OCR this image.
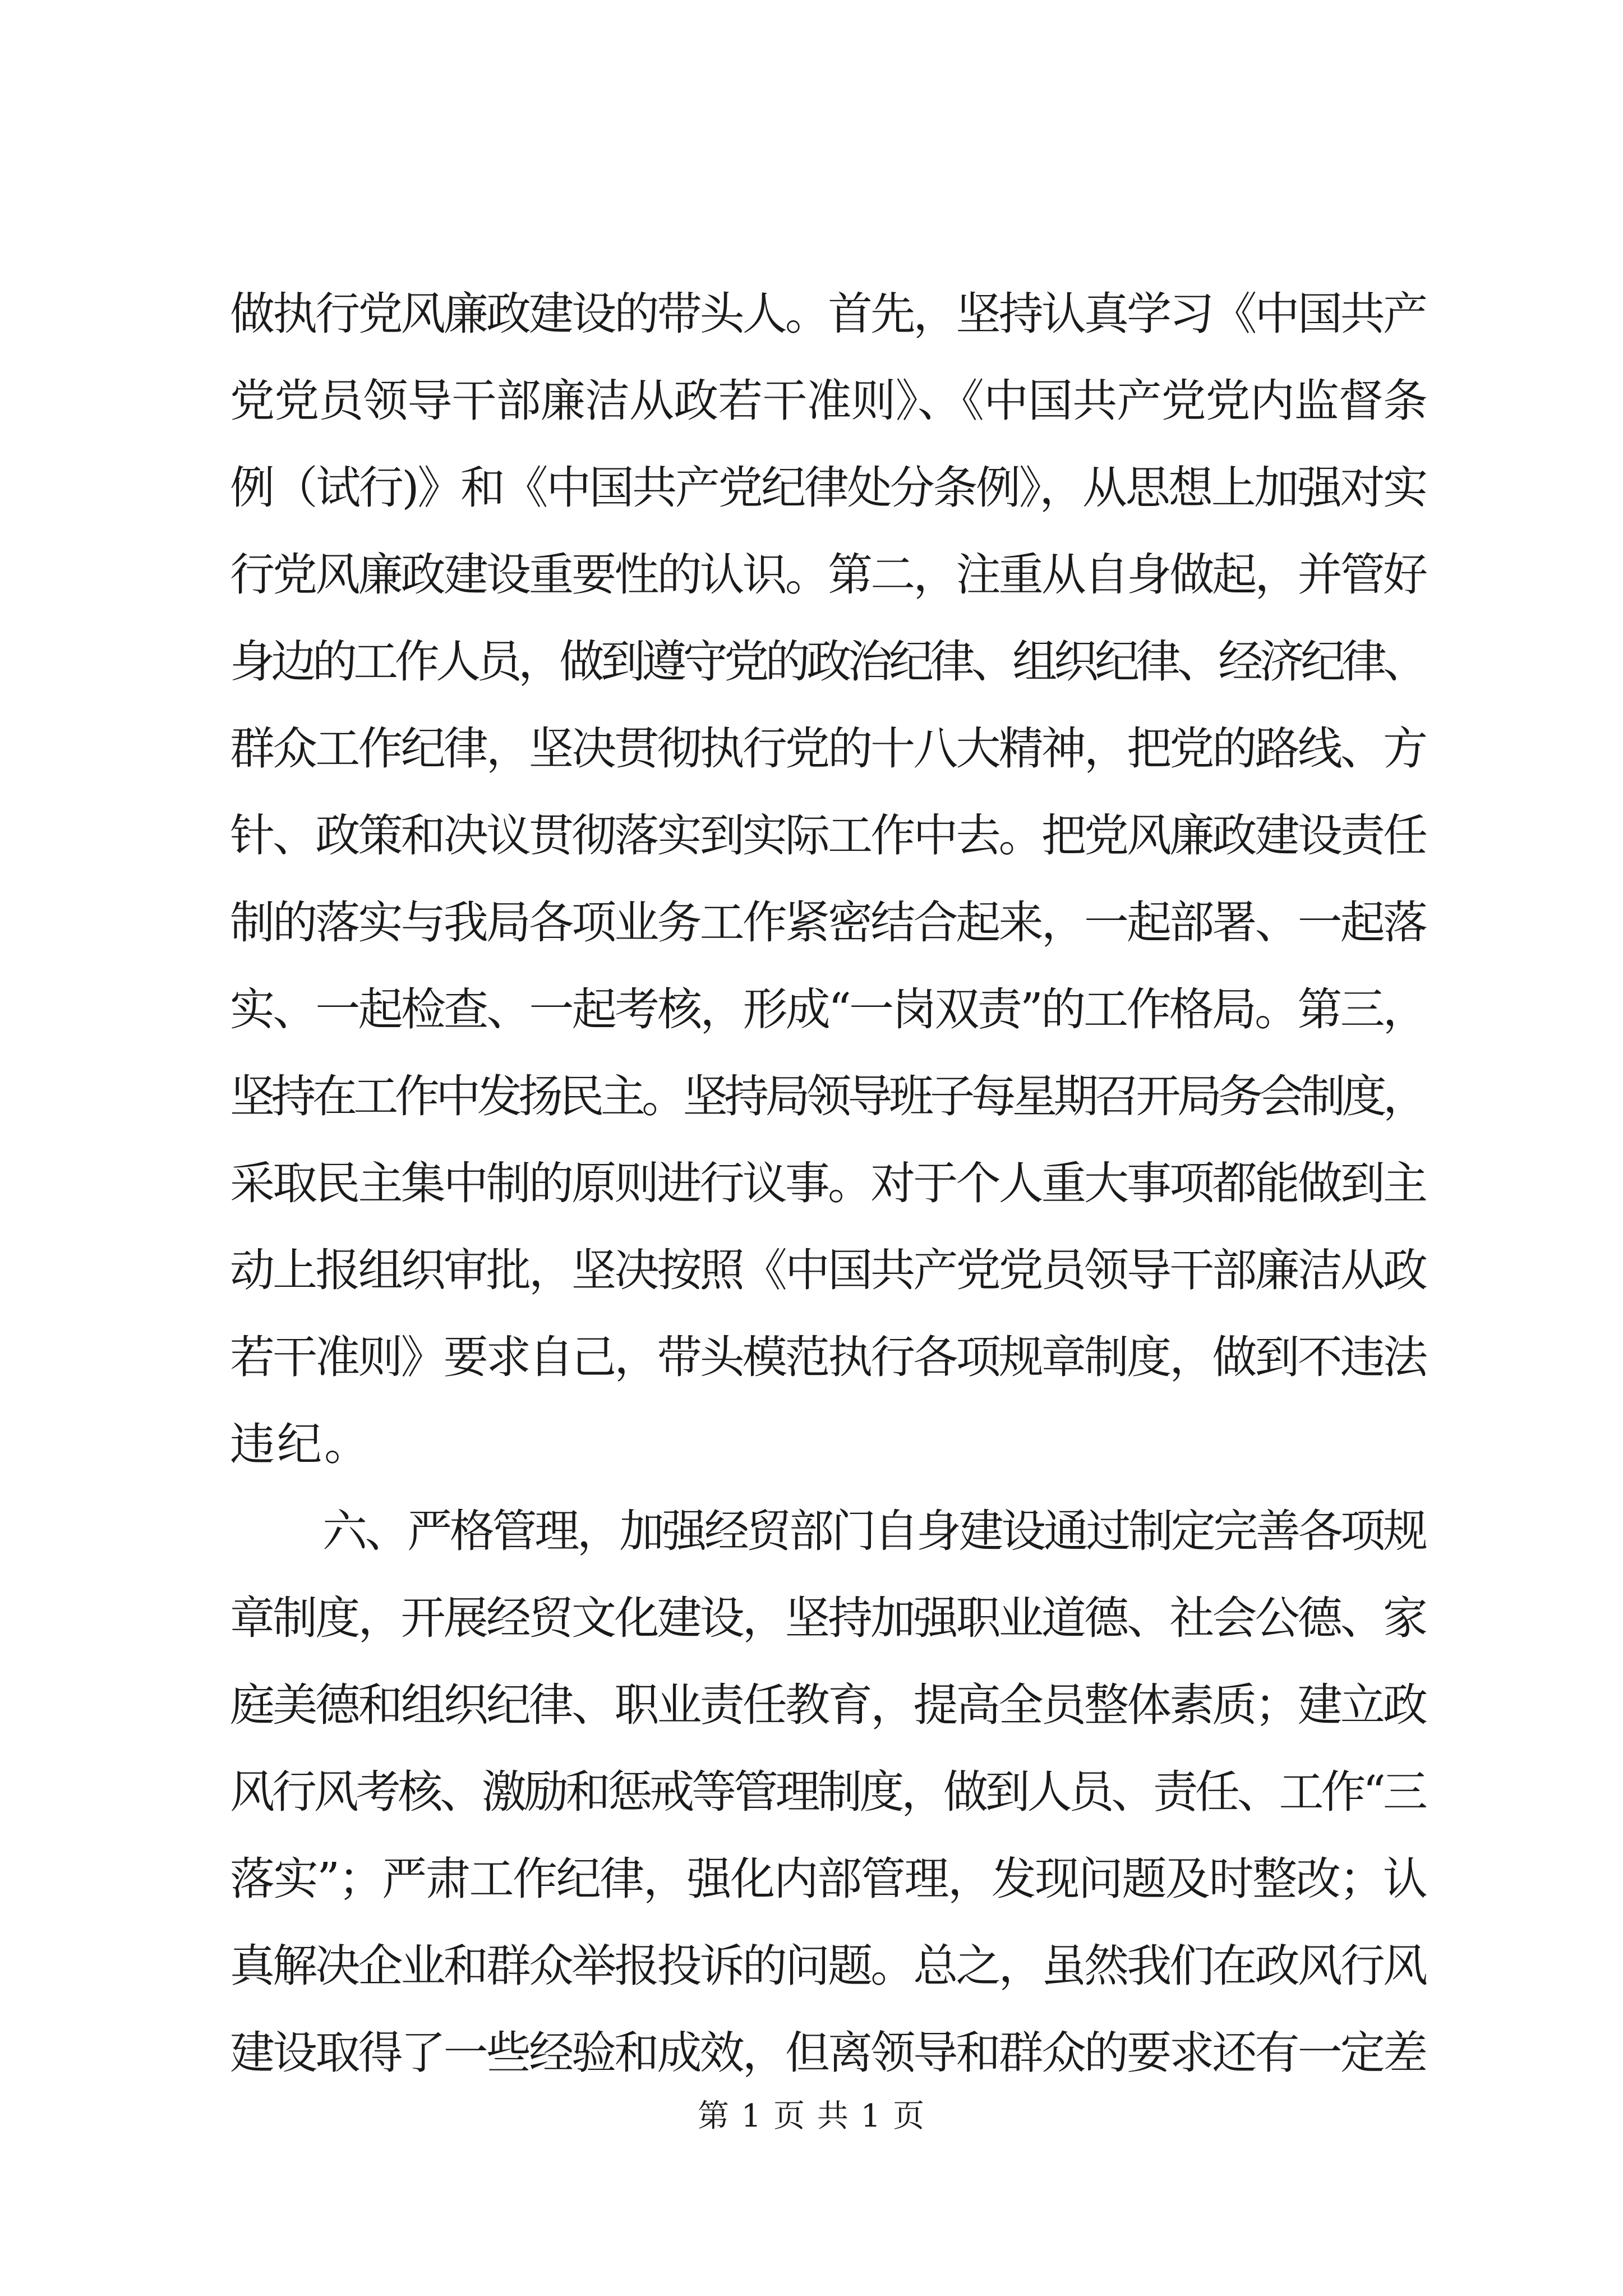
做执行党风廉政建设的带头人。首先，坚持认真学习《中国共产
党党员领导干部廉洁从政若干准则》、《中国共产党党内监督条
例（试行)》和《中国共产党纪律处分条例》，从思想上加强对实
行党风廉政建设重要性的认识。第二，注重从自身做起，并管好
身边的工作人员，做到遵守党的政治纪律、组织纪律、经济纪律、
群众工作纪律，坚决贯彻执行党的十八大精神，把党的路线、方
针、政策和决议贯彻落实到实际工作中去。把党风廉政建设责任
制的落实与我局各项业务工作紧密结合起来，一起部署、一起落
实、一起检查、一起考核，形成“一岗双责”的工作格局。第三，
坚持在工作中发扬民主。坚持局领导班子每星期召开局务会制度，
采取民主集中制的原则进行议事。对于个人重大事项都能做到主
动上报组织审批，坚决按照《中国共产党党员领导干部廉洁从政
若干准则》要求自己，带头模范执行各项规章制度，做到不违法
违纪。
六、严格管理，加强经贸部门自身建设通过制定完善各项规
章制度，开展经贸文化建设，坚持加强职业道德、社会公德、家
庭美德和组织纪律、职业责任教育，提高全员整体素质；建立政
风行风考核、激励和惩戒等管理制度，做到人员、责任、工作“三
落实”；严肃工作纪律，强化内部管理，发现问题及时整改；认
真解决企业和群众举报投诉的问题。总之，虽然我们在政风行风
建设取得了一些经验和成效，但离领导和群众的要求还有一定差
第 1 页 共 1 页
